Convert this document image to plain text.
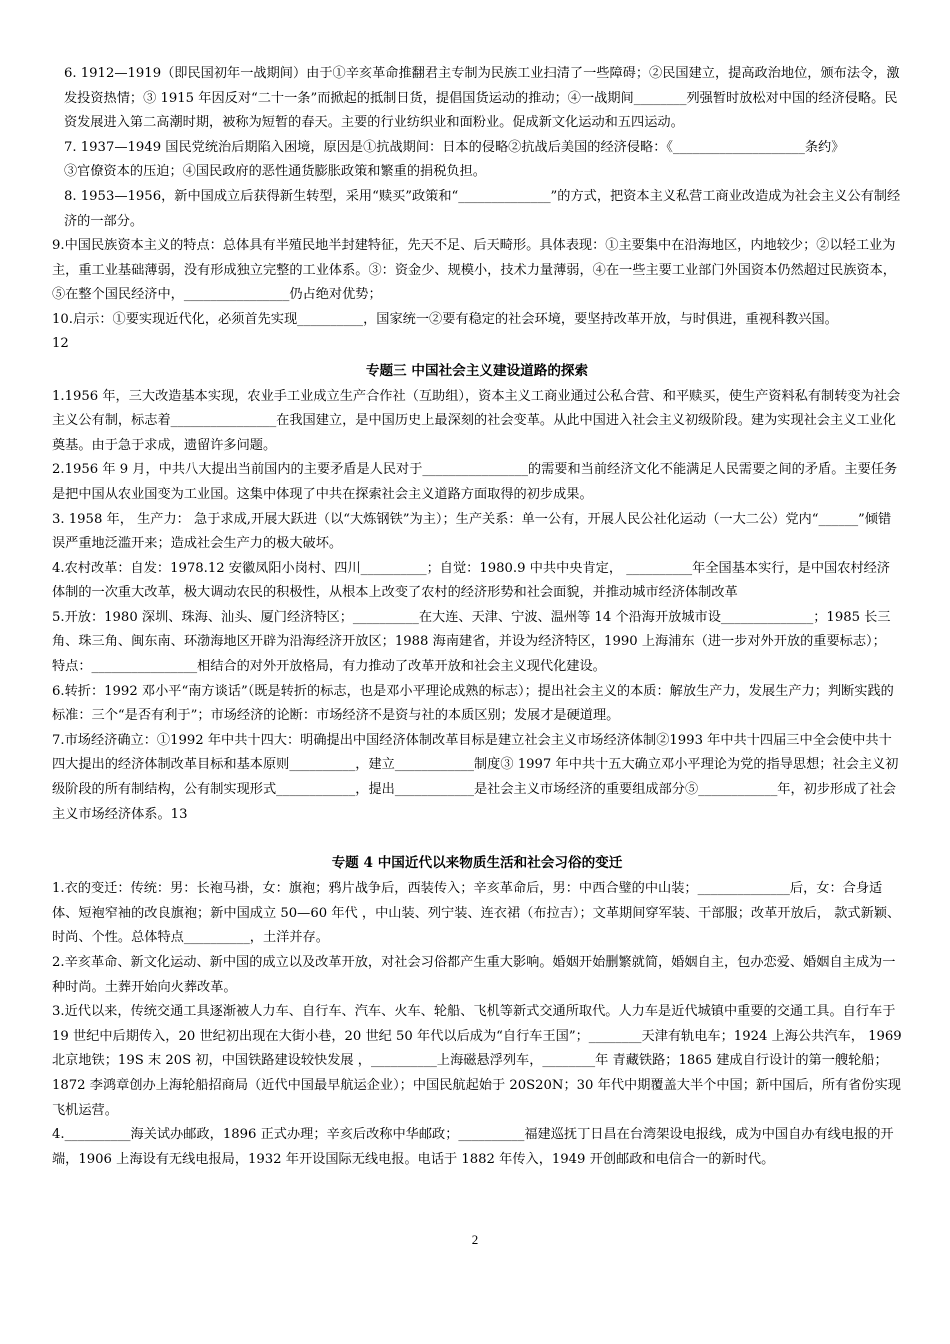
6. 1912—1919（即民国初年一战期间）由于①辛亥革命推翻君主专制为民族工业扫清了一些障碍；②民国建立，提高政治地位，颁布法令，激发投资热情；③ 1915 年因反对“二十一条”而掀起的抵制日货，提倡国货运动的推动；④一战期间________列强暂时放松对中国的经济侵略。民资发展进入第二高潮时期，被称为短暂的春天。主要的行业纺织业和面粉业。促成新文化运动和五四运动。

7. 1937—1949 国民党统治后期陷入困境，原因是①抗战期间：日本的侵略②抗战后美国的经济侵略：《____________________条约》

③官僚资本的压迫；④国民政府的恶性通货膨胀政策和繁重的捐税负担。

8. 1953—1956，新中国成立后获得新生转型，采用“赎买”政策和“______________”的方式，把资本主义私营工商业改造成为社会主义公有制经济的一部分。

9.中国民族资本主义的特点：总体具有半殖民地半封建特征，先天不足、后天畸形。具体表现：①主要集中在沿海地区，内地较少；②以轻工业为主，重工业基础薄弱，没有形成独立完整的工业体系。③：资金少、规模小，技术力量薄弱，④在一些主要工业部门外国资本仍然超过民族资本，⑤在整个国民经济中，________________仍占绝对优势；

10.启示：①要实现近代化，必须首先实现__________，国家统一②要有稳定的社会环境，要坚持改革开放，与时俱进，重视科教兴国。

12

专题三 中国社会主义建设道路的探索

1.1956 年，三大改造基本实现，农业手工业成立生产合作社（互助组），资本主义工商业通过公私合营、和平赎买，使生产资料私有制转变为社会主义公有制，标志着________________在我国建立，是中国历史上最深刻的社会变革。从此中国进入社会主义初级阶段。建为实现社会主义工业化奠基。由于急于求成，遗留许多问题。

2.1956 年 9 月，中共八大提出当前国内的主要矛盾是人民对于________________的需要和当前经济文化不能满足人民需要之间的矛盾。主要任务是把中国从农业国变为工业国。这集中体现了中共在探索社会主义道路方面取得的初步成果。

3. 1958 年， 生产力： 急于求成,开展大跃进（以“大炼钢铁”为主）；生产关系：单一公有，开展人民公社化运动（一大二公）党内“______”倾错误严重地泛滥开来；造成社会生产力的极大破坏。

4.农村改革：自发：1978.12 安徽凤阳小岗村、四川__________；自觉：1980.9 中共中央肯定， __________年全国基本实行，是中国农村经济体制的一次重大改革，极大调动农民的积极性，从根本上改变了农村的经济形势和社会面貌，并推动城市经济体制改革

5.开放：1980 深圳、珠海、汕头、厦门经济特区；__________在大连、天津、宁波、温州等 14 个沿海开放城市设______________；1985 长三角、珠三角、闽东南、环渤海地区开辟为沿海经济开放区；1988 海南建省，并设为经济特区，1990 上海浦东（进一步对外开放的重要标志）； 特点：________________相结合的对外开放格局，有力推动了改革开放和社会主义现代化建设。

6.转折：1992 邓小平“南方谈话”（既是转折的标志，也是邓小平理论成熟的标志）；提出社会主义的本质：解放生产力，发展生产力；判断实践的标准：三个“是否有利于”；市场经济的论断：市场经济不是资与社的本质区别；发展才是硬道理。

7.市场经济确立：①1992 年中共十四大：明确提出中国经济体制改革目标是建立社会主义市场经济体制②1993 年中共十四届三中全会使中共十四大提出的经济体制改革目标和基本原则__________，建立____________制度③ 1997 年中共十五大确立邓小平理论为党的指导思想；社会主义初级阶段的所有制结构，公有制实现形式____________，提出____________是社会主义市场经济的重要组成部分⑤____________年，初步形成了社会主义市场经济体系。13

专题 4 中国近代以来物质生活和社会习俗的变迁

1.衣的变迁：传统：男：长袍马褂，女：旗袍；鸦片战争后，西装传入；辛亥革命后，男：中西合璧的中山装；______________后，女：合身适体、短袍窄袖的改良旗袍；新中国成立 50—60 年代 ，中山装、列宁装、连衣裙（布拉吉）；文革期间穿军装、干部服；改革开放后， 款式新颖、时尚、个性。总体特点__________，土洋并存。

2.辛亥革命、新文化运动、新中国的成立以及改革开放，对社会习俗都产生重大影响。婚姻开始删繁就简，婚姻自主，包办恋爱、婚姻自主成为一种时尚。土葬开始向火葬改革。

3.近代以来，传统交通工具逐渐被人力车、自行车、汽车、火车、轮船、飞机等新式交通所取代。人力车是近代城镇中重要的交通工具。自行车于 19 世纪中后期传入，20 世纪初出现在大街小巷，20 世纪 50 年代以后成为“自行车王国”；________天津有轨电车；1924 上海公共汽车， 1969 北京地铁；19S 末 20S 初，中国铁路建设较快发展 ，__________上海磁悬浮列车，________年 青藏铁路；1865 建成自行设计的第一艘轮船；1872 李鸿章创办上海轮船招商局（近代中国最早航运企业）；中国民航起始于 20S20N；30 年代中期覆盖大半个中国；新中国后，所有省份实现飞机运营。

4.__________海关试办邮政，1896 正式办理；辛亥后改称中华邮政；__________福建巡抚丁日昌在台湾架设电报线，成为中国自办有线电报的开端，1906 上海设有无线电报局，1932 年开设国际无线电报。电话于 1882 年传入，1949 开创邮政和电信合一的新时代。

2
